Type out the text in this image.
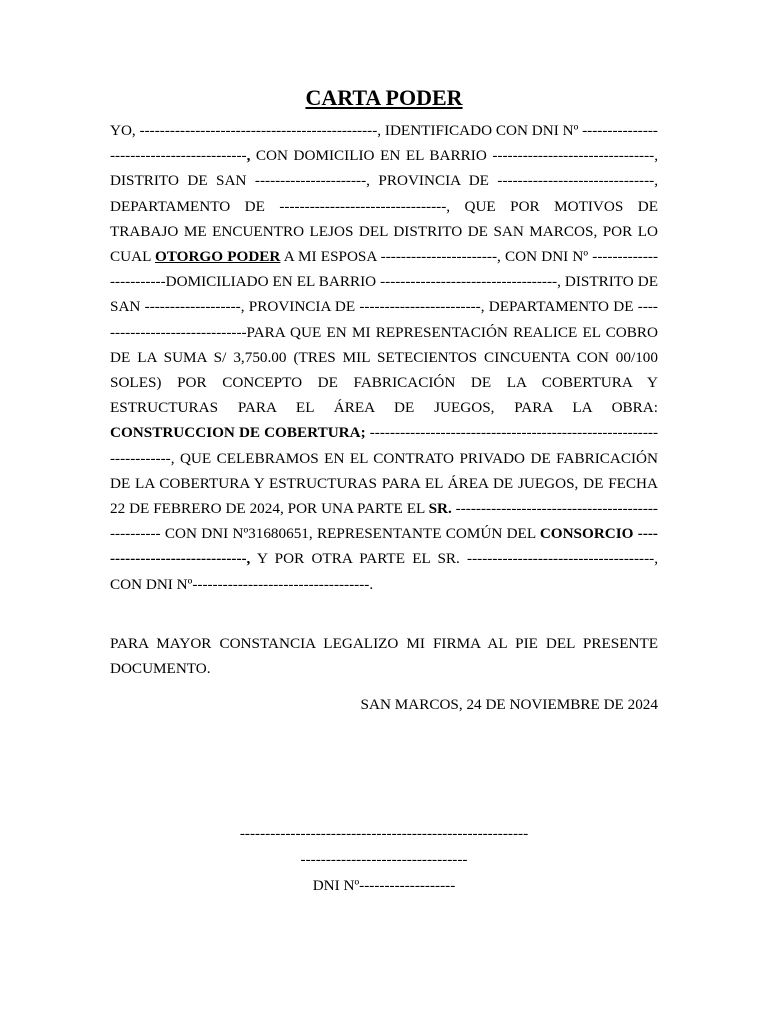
CARTA PODER
YO, -----------------------------------------------, IDENTIFICADO CON DNI Nº ------------------------------------------, CON DOMICILIO EN EL BARRIO --------------------------------, DISTRITO DE SAN ----------------------, PROVINCIA DE -------------------------------, DEPARTAMENTO DE ---------------------------------, QUE POR MOTIVOS DE TRABAJO ME ENCUENTRO LEJOS DEL DISTRITO DE SAN MARCOS, POR LO CUAL OTORGO PODER A MI ESPOSA -----------------------, CON DNI Nº ------------------------DOMICILIADO EN EL BARRIO -----------------------------------, DISTRITO DE SAN -------------------, PROVINCIA DE ------------------------, DEPARTAMENTO DE -------------------------------PARA QUE EN MI REPRESENTACIÓN REALICE EL COBRO DE LA SUMA S/ 3,750.00 (TRES MIL SETECIENTOS CINCUENTA CON 00/100 SOLES) POR CONCEPTO DE FABRICACIÓN DE LA COBERTURA Y ESTRUCTURAS PARA EL ÁREA DE JUEGOS, PARA LA OBRA: CONSTRUCCION DE COBERTURA; ---------------------------------------------------------------------, QUE CELEBRAMOS EN EL CONTRATO PRIVADO DE FABRICACIÓN DE LA COBERTURA Y ESTRUCTURAS PARA EL ÁREA DE JUEGOS, DE FECHA 22 DE FEBRERO DE 2024, POR UNA PARTE EL SR. -------------------------------------------------- CON DNI Nº31680651, REPRESENTANTE COMÚN DEL CONSORCIO -------------------------------, Y POR OTRA PARTE EL SR. -------------------------------------, CON DNI Nº-----------------------------------.
PARA MAYOR CONSTANCIA LEGALIZO MI FIRMA AL PIE DEL PRESENTE DOCUMENTO.
SAN MARCOS, 24 DE NOVIEMBRE DE 2024
---------------------------------------------------------
---------------------------------
DNI Nº-------------------
